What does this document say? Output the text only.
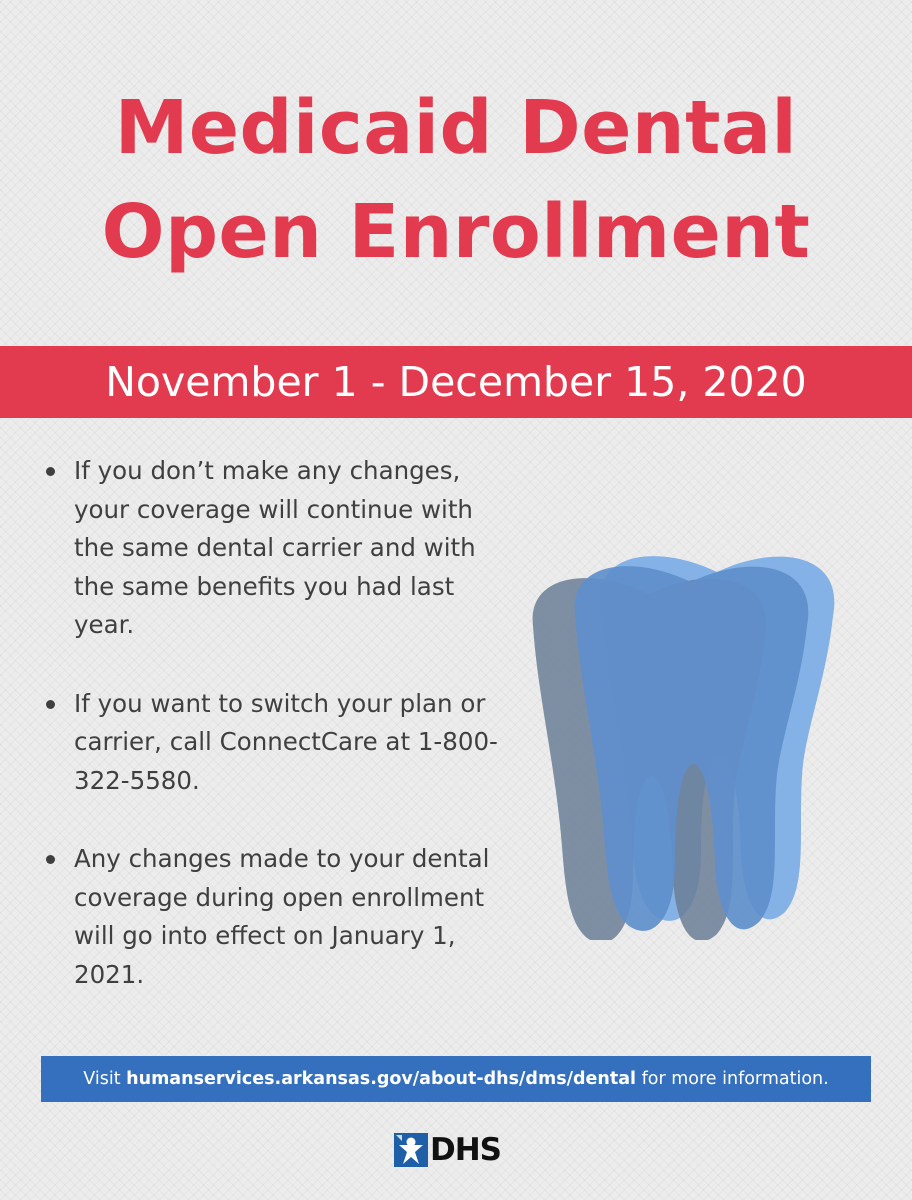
Medicaid Dental
Open Enrollment
November 1 - December 15, 2020
If you don’t make any changes, your coverage will continue with the same dental carrier and with the same benefits you had last year.
If you want to switch your plan or carrier, call ConnectCare at 1-800-322-5580.
Any changes made to your dental coverage during open enrollment will go into effect on January 1, 2021.
Visit humanservices.arkansas.gov/about-dhs/dms/dental for more information.
DHS
